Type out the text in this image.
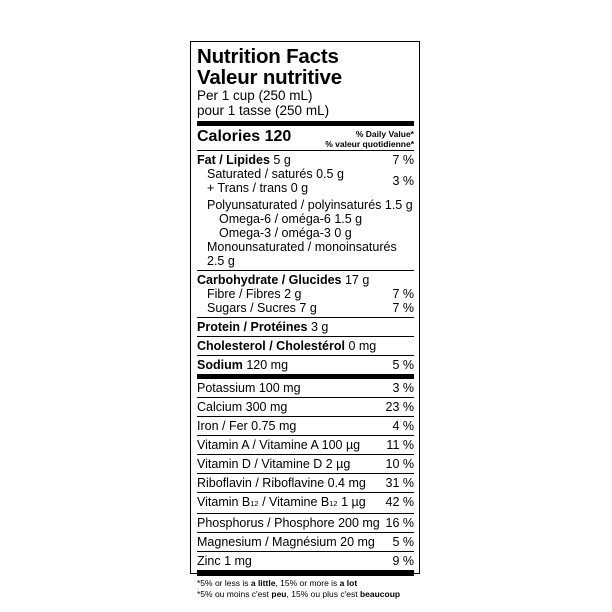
Nutrition Facts
Valeur nutritive
Per 1 cup (250 mL)
pour 1 tasse (250 mL)
Calories 120	% Daily Value*
% valeur quotidienne*
Fat / Lipides 5 g	7 %
Saturated / saturés 0.5 g
+ Trans / trans 0 g	3 %
Polyunsaturated / polyinsaturés 1.5 g
Omega-6 / oméga-6 1.5 g
Omega-3 / oméga-3 0 g
Monounsaturated / monoinsaturés 2.5 g
Carbohydrate / Glucides 17 g
Fibre / Fibres 2 g	7 %
Sugars / Sucres 7 g	7 %
Protein / Protéines 3 g
Cholesterol / Cholestérol 0 mg
Sodium 120 mg	5 %
Potassium 100 mg	3 %
Calcium 300 mg	23 %
Iron / Fer 0.75 mg	4 %
Vitamin A / Vitamine A 100 µg 11 %
Vitamin D / Vitamine D 2 µg	10 %
Riboflavin / Riboflavine 0.4 mg 31 %
Vitamin B12 / Vitamine B12 1 µg 42 %
Phosphorus / Phosphore 200 mg 16 %
Magnesium / Magnésium 20 mg 5 %
Zinc 1 mg	9 %
*5% or less is a little, 15% or more is a lot
*5% ou moins c'est peu, 15% ou plus c'est beaucoup
